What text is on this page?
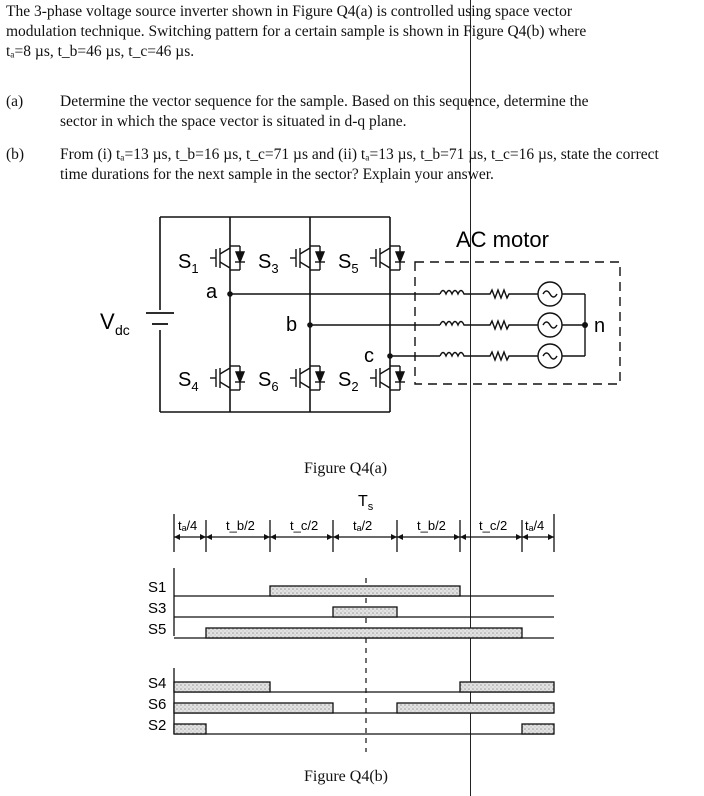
The 3-phase voltage source inverter shown in Figure Q4(a) is controlled using space vector
modulation technique. Switching pattern for a certain sample is shown in Figure Q4(b) where
tₐ=8 µs, t_b=46 µs, t_c=46 µs.
(a) Determine the vector sequence for the sample. Based on this sequence, determine the
sector in which the space vector is situated in d-q plane.
(b) From (i) tₐ=13 µs, t_b=16 µs, t_c=71 µs and (ii) tₐ=13 µs, t_b=71 µs, t_c=16 µs, state the correct
time durations for the next sample in the sector? Explain your answer.
V dc
$S_1$	$S_3$	$S_5$
$S_4$	$S_6$	$S_2$
a
b
c
AC motor
n
Figure Q4(a)
$T_s$
tₐ/4 t_b/2	t_c/2	tₐ/2	t_b/2	t_c/2 tₐ/4
S1
S3
S5
S4
S6
S2
Figure Q4(b)
